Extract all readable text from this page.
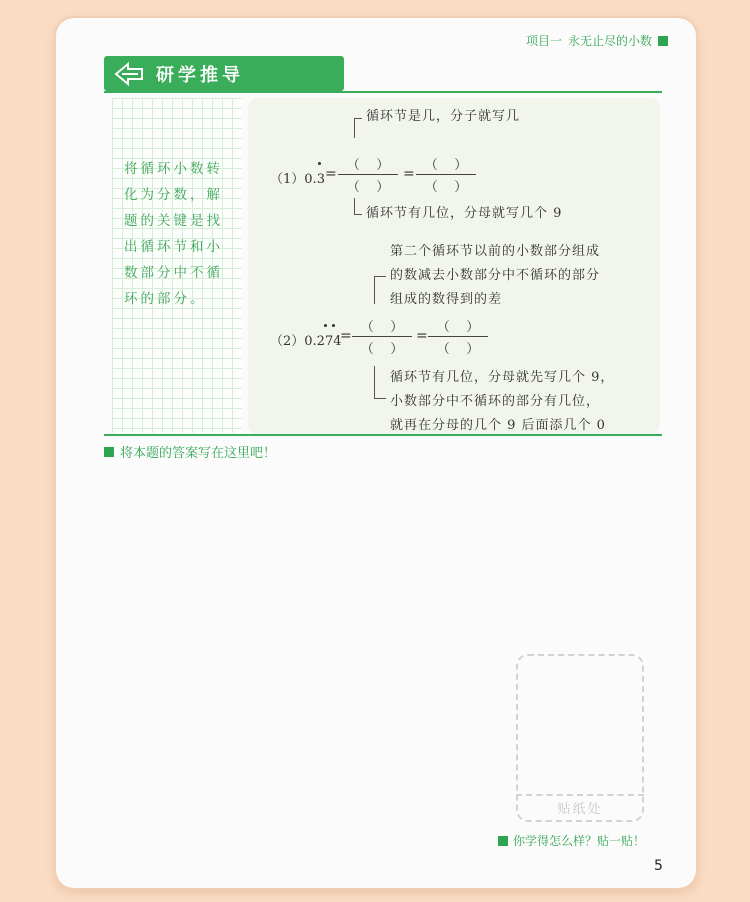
项目一 永无止尽的小数
研学推导
将循环小数转
化为分数，解
题的关键是找
出循环节和小
数部分中不循
环的部分。
循环节是几，分子就写几
（1）0.3 =
（ ）
（ ）
=
（ ）
（ ）
循环节有几位，分母就写几个 9
第二个循环节以前的小数部分组成
的数减去小数部分中不循环的部分
组成的数得到的差
（2）0.274
=
（ ）
（ ）
=
（ ）
（ ）
循环节有几位，分母就先写几个 9，
小数部分中不循环的部分有几位，
就再在分母的几个 9 后面添几个 0
将本题的答案写在这里吧！
贴纸处
你学得怎么样？贴一贴！
5
